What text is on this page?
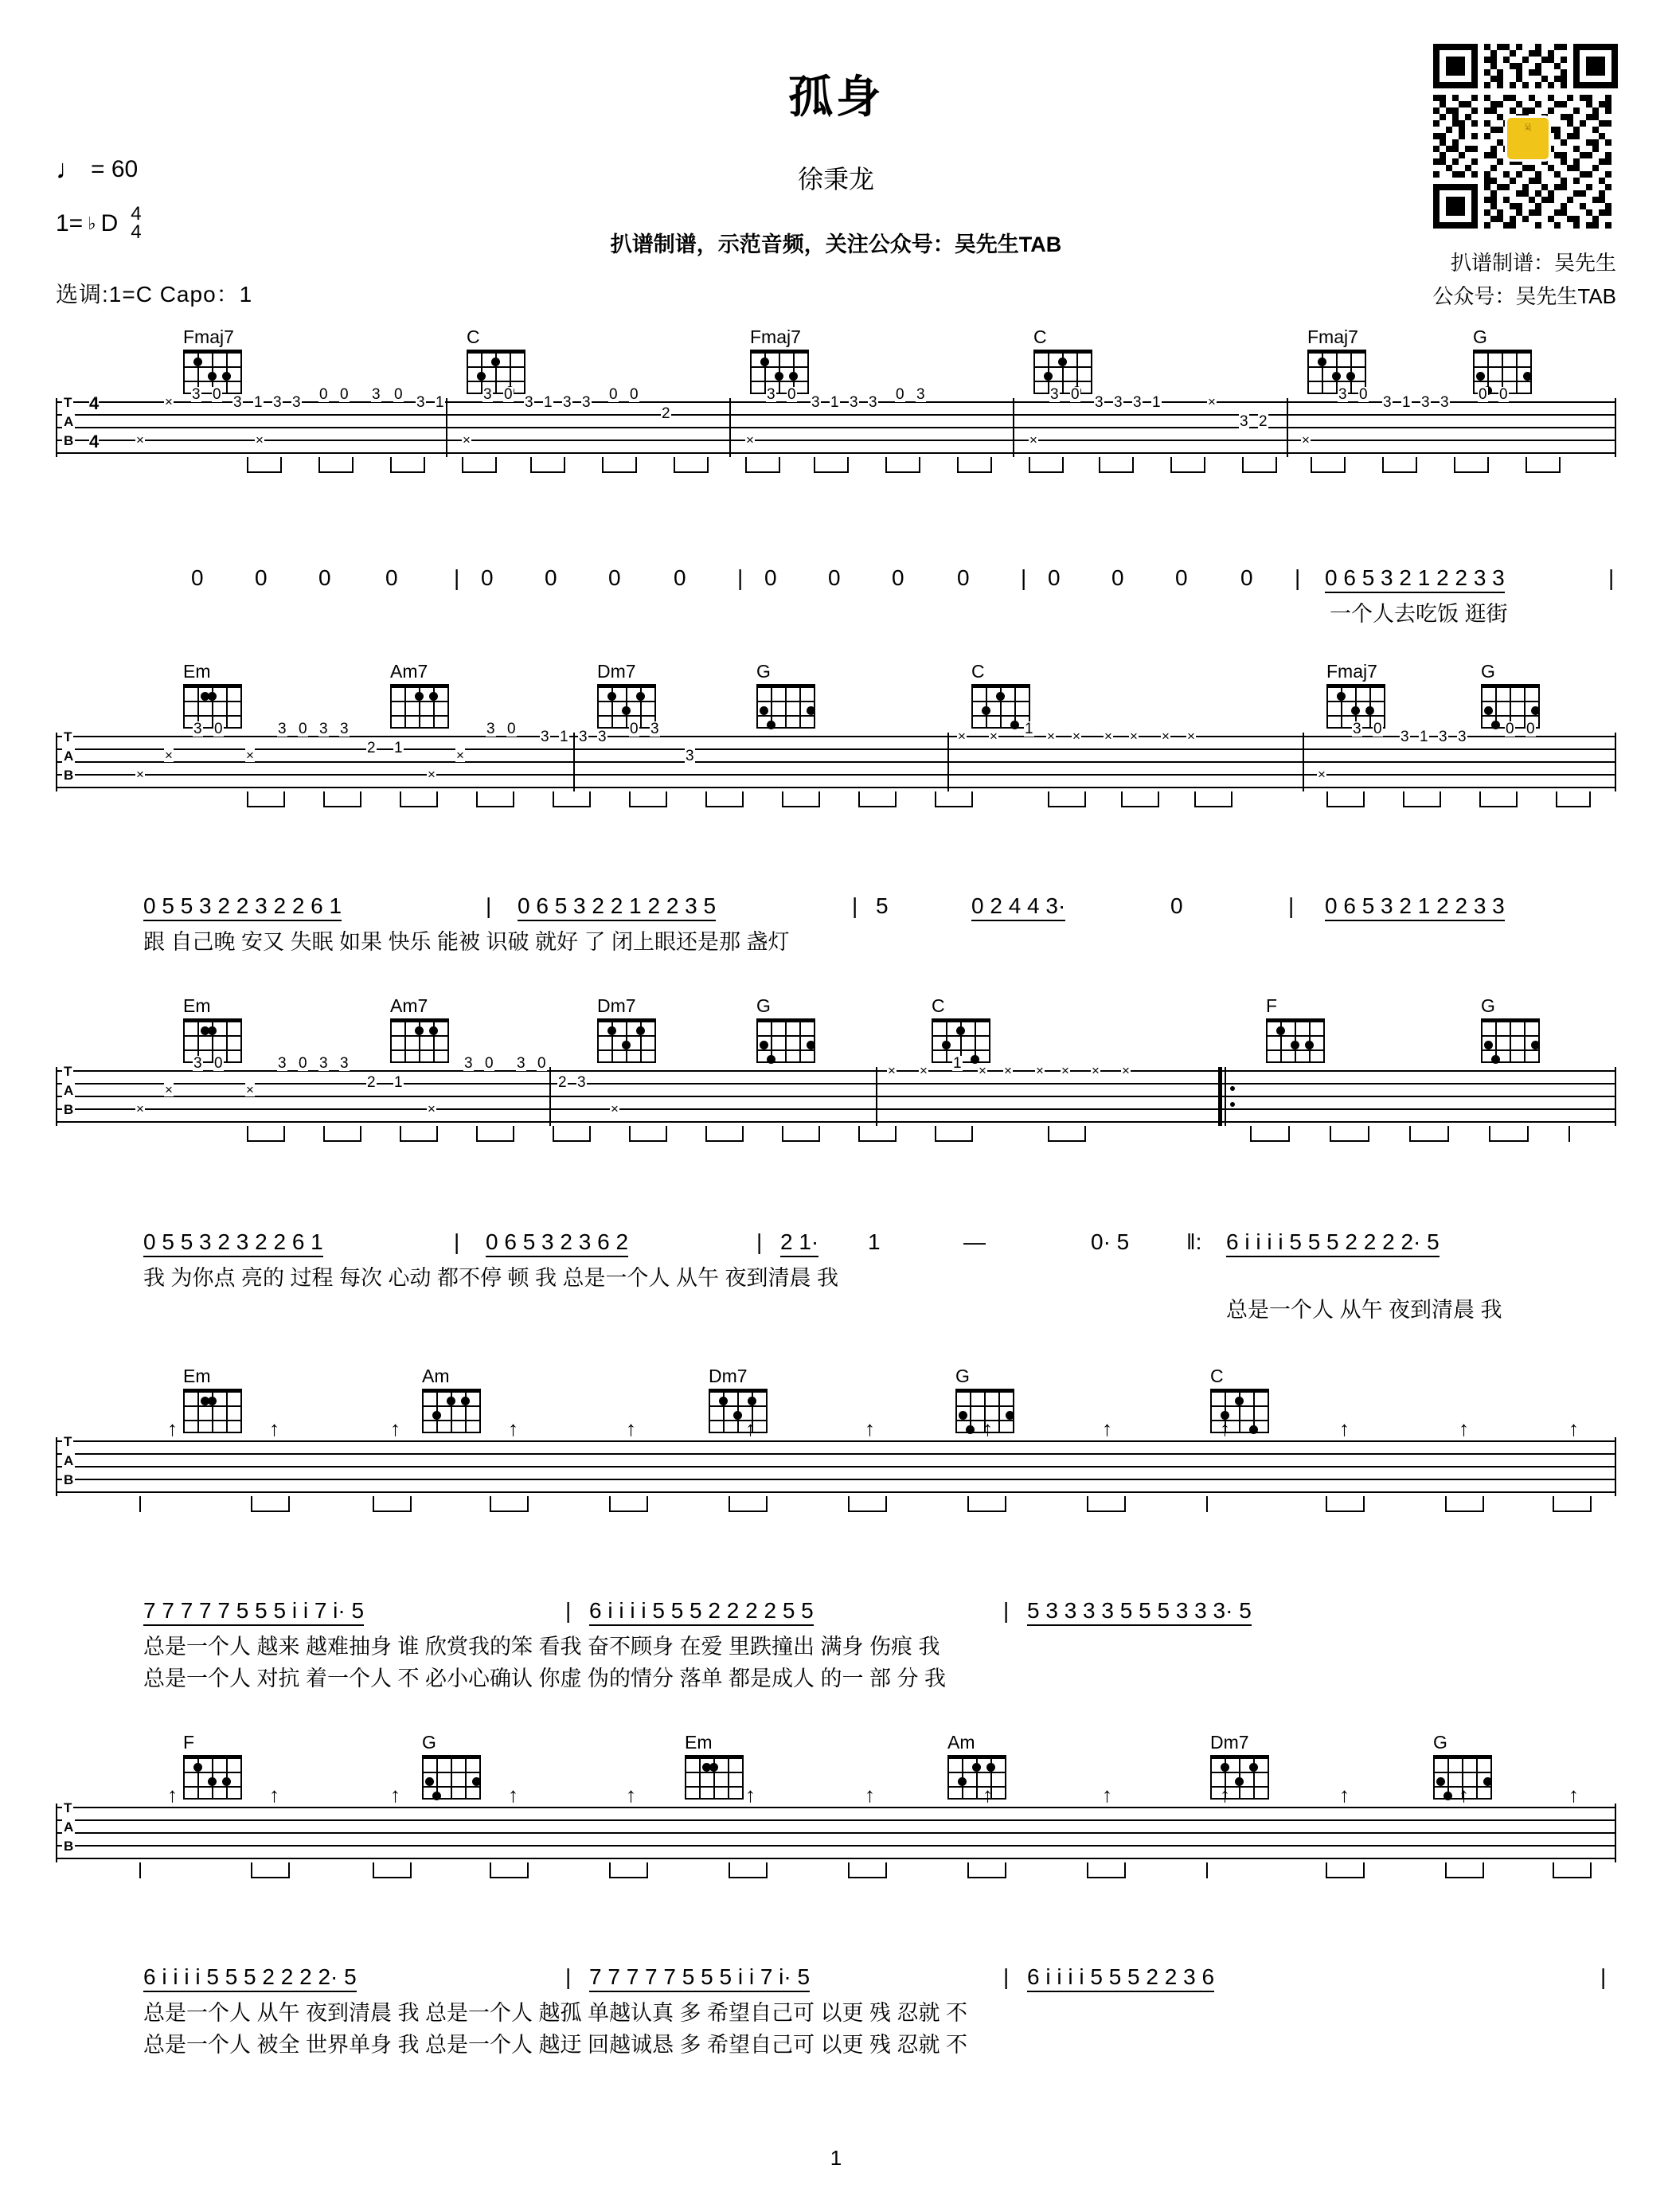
孤身
徐秉龙
扒谱制谱，示范音频，关注公众号：吴先生TAB
♩ = 60
1= ♭ D 4
4
选调:1=C Capo：1
扒谱制谱：吴先生
公众号：吴先生TAB
吴
Fmaj7	C	Fmaj7	C	Fmaj7	G
T
A
B
4
4	×
× 3 0 3 1 3 3 0 0
×
3 0 3 1
×
3 0 3 1 3 3 0 0
2
×
3 0 3 1 3 3 0 3
×
3 0 3 3 3 1	×
3 2
×
3 0 3 1 3 3 0 0
0 0 0 0	| 0 0 0 0 | 0 0 0 0 | 0 0 0 0 | 0 6 5 3 2 1 2 2 3 3	|
一个人去吃饭 逛街
Em	Am7	Dm7	G	C	Fmaj7	G
T
A
B	×
×
3 0
×
3 0 3 3
2 1
×
×
3 0 3 1 3 3 0 3
3
× × 1 × × × × × ×
×
3 0 3 1 3 3	0 0
0 5 5 3 2 2 3 2 2 6 1	| 0 6 5 3 2 2 1 2 2 3 5	| 5	0 2 4 4 3·	0	| 0 6 5 3 2 1 2 2 3 3
跟 自己晚 安又 失眠 如果 快乐 能被 识破 就好 了 闭上眼还是那 盏灯
Em	Am7	Dm7	G	C	F	G
T
A
B	×
×
3 0
×
3 0 3 3
2 1
×
3 0 3 0
2 3
×
× × 1 × × × × × ×
0 5 5 3 2 3 2 2 6 1	| 0 6 5 3 2 3 6 2	| 2 1· 1	—	0· 5	‖: 6 i i i i 5 5 5 2 2 2 2· 5
我 为你点 亮的 过程 每次 心动 都不停 顿 我 总是一个人 从午 夜到清晨 我
总是一个人 从午 夜到清晨 我
Em	Am	Dm7	G	C
T
A
B
↑	↑	↑	↑	↑	↑	↑	↑	↑	↑	↑	↑	↑
7 7 7 7 7 5 5 5 i i 7 i· 5	| 6 i i i i 5 5 5 2 2 2 2 5 5	| 5 3 3 3 3 5 5 5 3 3 3· 5
总是一个人 越来 越难抽身 谁 欣赏我的笨 看我 奋不顾身 在爱 里跌撞出 满身 伤痕 我
总是一个人 对抗 着一个人 不 必小心确认 你虚 伪的情分 落单 都是成人 的一 部 分 我
F	G	Em	Am	Dm7	G
T
A
B
↑	↑	↑	↑	↑	↑	↑	↑	↑	↑	↑	↑	↑
6 i i i i 5 5 5 2 2 2 2· 5	| 7 7 7 7 7 5 5 5 i i 7 i· 5	| 6 i i i i 5 5 5 2 2 3 6	|
总是一个人 从午 夜到清晨 我 总是一个人 越孤 单越认真 多 希望自己可 以更 残 忍就 不
总是一个人 被全 世界单身 我 总是一个人 越迂 回越诚恳 多 希望自己可 以更 残 忍就 不
1
